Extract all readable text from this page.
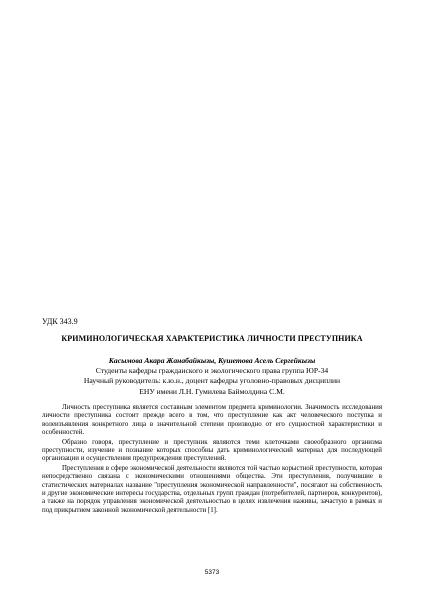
УДК 343.9
КРИМИНОЛОГИЧЕСКАЯ ХАРАКТЕРИСТИКА ЛИЧНОСТИ ПРЕСТУПНИКА
Касымова Акара Жанабайкызы, Кушетова Асель Сергейкызы
Студенты кафедры гражданского и экологического права группа ЮР-34
Научный руководитель: к.ю.н., доцент кафедры уголовно-правовых дисциплин
ЕНУ имени Л.Н. Гумилева Баймолдина С.М.

Личность преступника является составным элементом предмета криминологии. Значимость исследования личности преступника состоит прежде всего в том, что преступление как акт человеческого поступка и волеизъявления конкретного лица в значительной степени производно от его сущностной характеристики и особенностей.

Образно говоря, преступление и преступник являются теми клеточками своеобразного организма преступности, изучение и познание которых способны дать криминологический материал для последующей организации и осуществления предупреждения преступлений.

Преступления в сфере экономической деятельности являются той частью корыстной преступности, которая непосредственно связана с экономическими отношениями общества. Эти преступления, получившие в статистических материалах название "преступления экономической направленности", посягают на собственность и другие экономические интересы государства, отдельных групп граждан (потребителей, партнеров, конкурентов), а также на порядок управления экономической деятельностью в целях извлечения наживы, зачастую в рамках и под прикрытием законной экономической деятельности [1].

5373
